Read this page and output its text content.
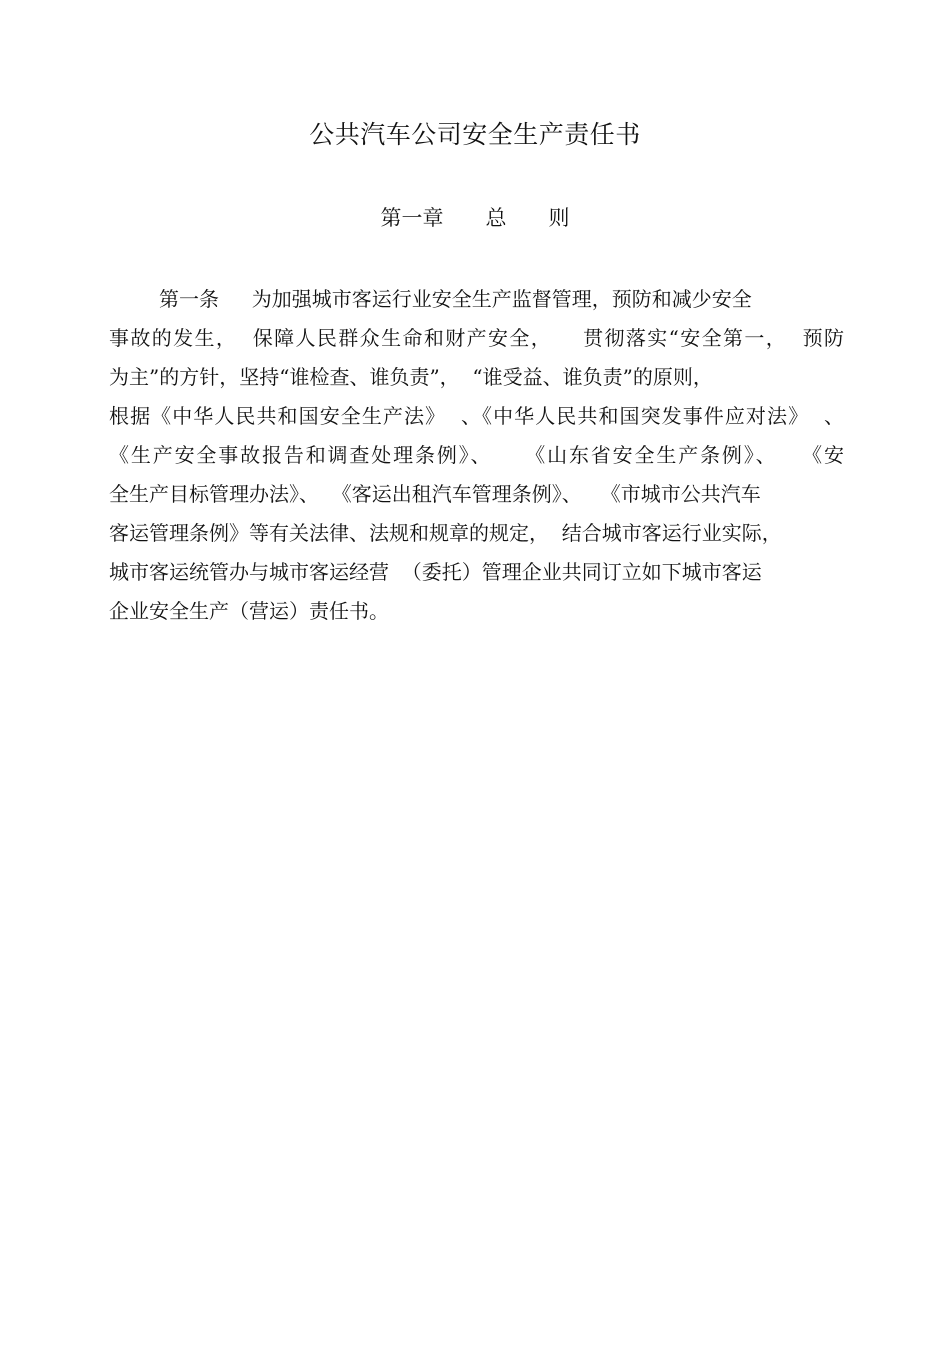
公共汽车公司安全生产责任书
第一章　　总　　则
第一条　  为加强城市客运行业安全生产监督管理，预防和减少安全
事故的发生，  保障人民群众生命和财产安全，    贯彻落实“安全第一，  预防
为主”的方针，坚持“谁检查、谁负责”，  “谁受益、谁负责”的原则，
根据《中华人民共和国安全生产法》  、《中华人民共和国突发事件应对法》  、
《生产安全事故报告和调查处理条例》、    《山东省安全生产条例》、   《安
全生产目标管理办法》、  《客运出租汽车管理条例》、   《市城市公共汽车
客运管理条例》等有关法律、法规和规章的规定，  结合城市客运行业实际，
城市客运统管办与城市客运经营  （委托）管理企业共同订立如下城市客运
企业安全生产（营运）责任书。
